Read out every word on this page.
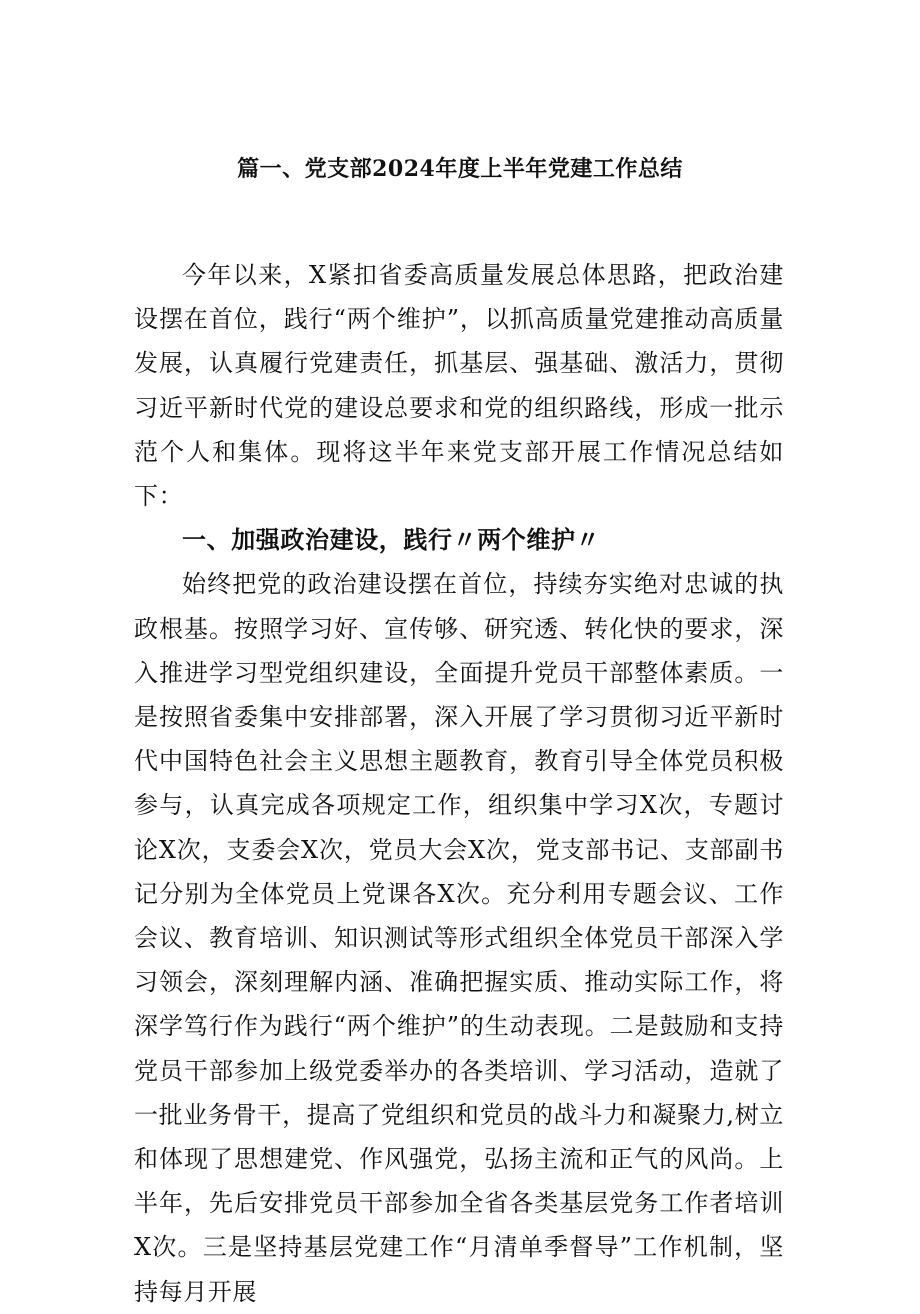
篇一、党支部2024年度上半年党建工作总结

今年以来，X紧扣省委高质量发展总体思路，把政治建设摆在首位，践行“两个维护”，以抓高质量党建推动高质量发展，认真履行党建责任，抓基层、强基础、激活力，贯彻习近平新时代党的建设总要求和党的组织路线，形成一批示范个人和集体。现将这半年来党支部开展工作情况总结如下：

一、加强政治建设，践行〃两个维护〃

始终把党的政治建设摆在首位，持续夯实绝对忠诚的执政根基。按照学习好、宣传够、研究透、转化快的要求，深入推进学习型党组织建设，全面提升党员干部整体素质。一是按照省委集中安排部署，深入开展了学习贯彻习近平新时代中国特色社会主义思想主题教育，教育引导全体党员积极参与，认真完成各项规定工作，组织集中学习X次，专题讨论X次，支委会X次，党员大会X次，党支部书记、支部副书记分别为全体党员上党课各X次。充分利用专题会议、工作会议、教育培训、知识测试等形式组织全体党员干部深入学习领会，深刻理解内涵、准确把握实质、推动实际工作，将深学笃行作为践行“两个维护”的生动表现。二是鼓励和支持党员干部参加上级党委举办的各类培训、学习活动，造就了一批业务骨干，提高了党组织和党员的战斗力和凝聚力,树立和体现了思想建党、作风强党，弘扬主流和正气的风尚。上半年，先后安排党员干部参加全省各类基层党务工作者培训X次。三是坚持基层党建工作“月清单季督导”工作机制，坚持每月开展
